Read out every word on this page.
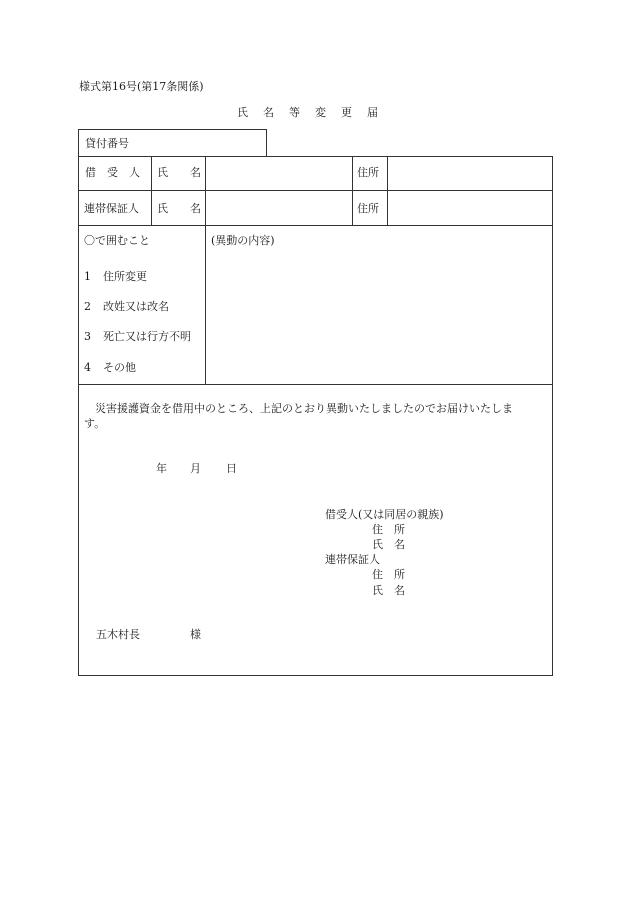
様式第16号(第17条関係)
氏 名 等 変 更 届
貸付番号
借　受　人 氏　　名	住所
連帯保証人 氏　　名	住所
〇で囲むこと	(異動の内容)
1 住所変更
2 改姓又は改名
3 死亡又は行方不明
4 その他
災害援護資金を借用中のところ、上記のとおり異動いたしましたのでお届けいたしま
す。
年 月 日
借受人(又は同居の親族)
住　所
氏　名
連帯保証人
住　所
氏　名
五木村長	様
